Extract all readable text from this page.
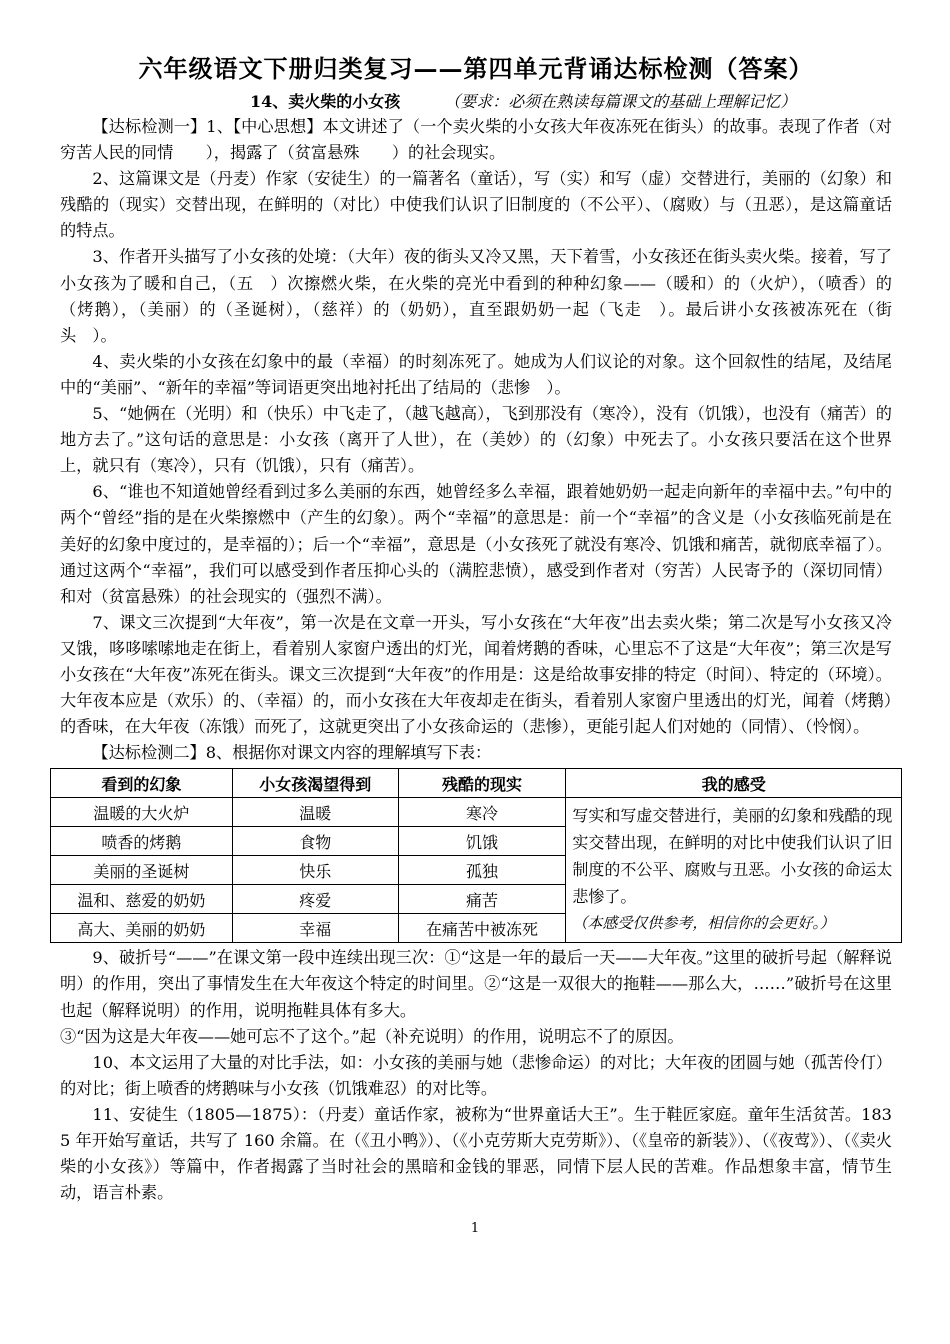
六年级语文下册归类复习——第四单元背诵达标检测（答案）
14、卖火柴的小女孩	（要求：必须在熟读每篇课文的基础上理解记忆）

【达标检测一】1、【中心思想】本文讲述了（一个卖火柴的小女孩大年夜冻死在街头）的故事。表现了作者（对穷苦人民的同情　　），揭露了（贫富悬殊　　）的社会现实。

2、这篇课文是（丹麦）作家（安徒生）的一篇著名（童话），写（实）和写（虚）交替进行，美丽的（幻象）和残酷的（现实）交替出现，在鲜明的（对比）中使我们认识了旧制度的（不公平）、（腐败）与（丑恶），是这篇童话的特点。

3、作者开头描写了小女孩的处境：（大年）夜的街头又冷又黑，天下着雪，小女孩还在街头卖火柴。接着，写了小女孩为了暖和自己，（五　）次擦燃火柴，在火柴的亮光中看到的种种幻象——（暖和）的（火炉），（喷香）的（烤鹅），（美丽）的（圣诞树），（慈祥）的（奶奶），直至跟奶奶一起（飞走　）。最后讲小女孩被冻死在（街头　）。

4、卖火柴的小女孩在幻象中的最（幸福）的时刻冻死了。她成为人们议论的对象。这个回叙性的结尾，及结尾中的“美丽”、“新年的幸福”等词语更突出地衬托出了结局的（悲惨　）。

5、“她俩在（光明）和（快乐）中飞走了，（越飞越高），飞到那没有（寒冷），没有（饥饿），也没有（痛苦）的地方去了。”这句话的意思是：小女孩（离开了人世），在（美妙）的（幻象）中死去了。小女孩只要活在这个世界上，就只有（寒冷），只有（饥饿），只有（痛苦）。

6、“谁也不知道她曾经看到过多么美丽的东西，她曾经多么幸福，跟着她奶奶一起走向新年的幸福中去。”句中的两个“曾经”指的是在火柴擦燃中（产生的幻象）。两个“幸福”的意思是：前一个“幸福”的含义是（小女孩临死前是在美好的幻象中度过的，是幸福的）；后一个“幸福”，意思是（小女孩死了就没有寒冷、饥饿和痛苦，就彻底幸福了）。通过这两个“幸福”，我们可以感受到作者压抑心头的（满腔悲愤），感受到作者对（穷苦）人民寄予的（深切同情）和对（贫富悬殊）的社会现实的（强烈不满）。

7、课文三次提到“大年夜”，第一次是在文章一开头，写小女孩在“大年夜”出去卖火柴；第二次是写小女孩又冷又饿，哆哆嗦嗦地走在街上，看着别人家窗户透出的灯光，闻着烤鹅的香味，心里忘不了这是“大年夜”；第三次是写小女孩在“大年夜”冻死在街头。课文三次提到“大年夜”的作用是：这是给故事安排的特定（时间）、特定的（环境）。大年夜本应是（欢乐）的、（幸福）的，而小女孩在大年夜却走在街头，看着别人家窗户里透出的灯光，闻着（烤鹅）的香味，在大年夜（冻饿）而死了，这就更突出了小女孩命运的（悲惨），更能引起人们对她的（同情）、（怜悯）。

【达标检测二】8、根据你对课文内容的理解填写下表：

看到的幻象	小女孩渴望得到	残酷的现实	我的感受
温暖的大火炉	温暖	寒冷	写实和写虚交替进行，美丽的幻象和残酷的现实交替出现，在鲜明的对比中使我们认识了旧制度的不公平、腐败与丑恶。小女孩的命运太悲惨了。
（本感受仅供参考，相信你的会更好。）

喷香的烤鹅	食物	饥饿	
美丽的圣诞树	快乐	孤独	
温和、慈爱的奶奶	疼爱	痛苦	
高大、美丽的奶奶	幸福	在痛苦中被冻死	

9、破折号“——”在课文第一段中连续出现三次：①“这是一年的最后一天——大年夜。”这里的破折号起（解释说明）的作用，突出了事情发生在大年夜这个特定的时间里。②“这是一双很大的拖鞋——那么大，……”破折号在这里也起（解释说明）的作用，说明拖鞋具体有多大。

③“因为这是大年夜——她可忘不了这个。”起（补充说明）的作用，说明忘不了的原因。

10、本文运用了大量的对比手法，如：小女孩的美丽与她（悲惨命运）的对比；大年夜的团圆与她（孤苦伶仃）的对比；街上喷香的烤鹅味与小女孩（饥饿难忍）的对比等。

11、安徒生（1805—1875）：（丹麦）童话作家，被称为“世界童话大王”。生于鞋匠家庭。童年生活贫苦。1835 年开始写童话，共写了 160 余篇。在（《丑小鸭》）、（《小克劳斯大克劳斯》）、（《皇帝的新装》）、（《夜莺》）、（《卖火柴的小女孩》）等篇中，作者揭露了当时社会的黑暗和金钱的罪恶，同情下层人民的苦难。作品想象丰富，情节生动，语言朴素。

1
